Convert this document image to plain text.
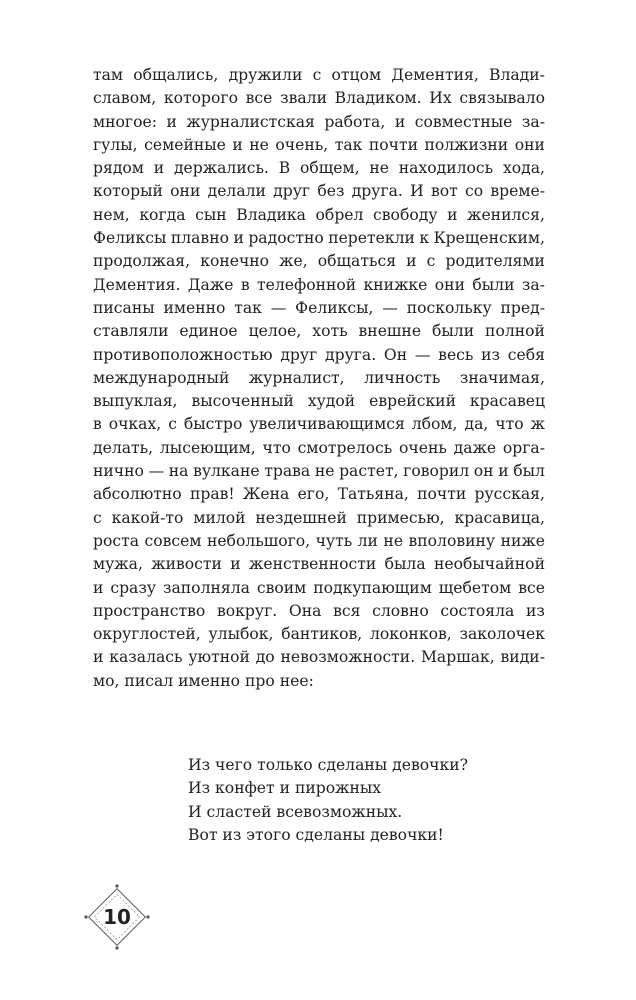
там общались, дружили с отцом Дементия, Влади-
славом, которого все звали Владиком. Их связывало
многое: и журналистская работа, и совместные за-
гулы, семейные и не очень, так почти полжизни они
рядом и держались. В общем, не находилось хода,
который они делали друг без друга. И вот со време-
нем, когда сын Владика обрел свободу и женился,
Феликсы плавно и радостно перетекли к Крещенским,
продолжая, конечно же, общаться и с родителями
Дементия. Даже в телефонной книжке они были за-
писаны именно так — Феликсы, — поскольку пред-
ставляли единое целое, хоть внешне были полной
противоположностью друг друга. Он — весь из себя
международный журналист, личность значимая,
выпуклая, высоченный худой еврейский красавец
в очках, с быстро увеличивающимся лбом, да, что ж
делать, лысеющим, что смотрелось очень даже орга-
нично — на вулкане трава не растет, говорил он и был
абсолютно прав! Жена его, Татьяна, почти русская,
с какой-то милой нездешней примесью, красавица,
роста совсем небольшого, чуть ли не вполовину ниже
мужа, живости и женственности была необычайной
и сразу заполняла своим подкупающим щебетом все
пространство вокруг. Она вся словно состояла из
округлостей, улыбок, бантиков, локонков, заколочек
и казалась уютной до невозможности. Маршак, види-
мо, писал именно про нее:
Из чего только сделаны девочки?
Из конфет и пирожных
И сластей всевозможных.
Вот из этого сделаны девочки!
10
